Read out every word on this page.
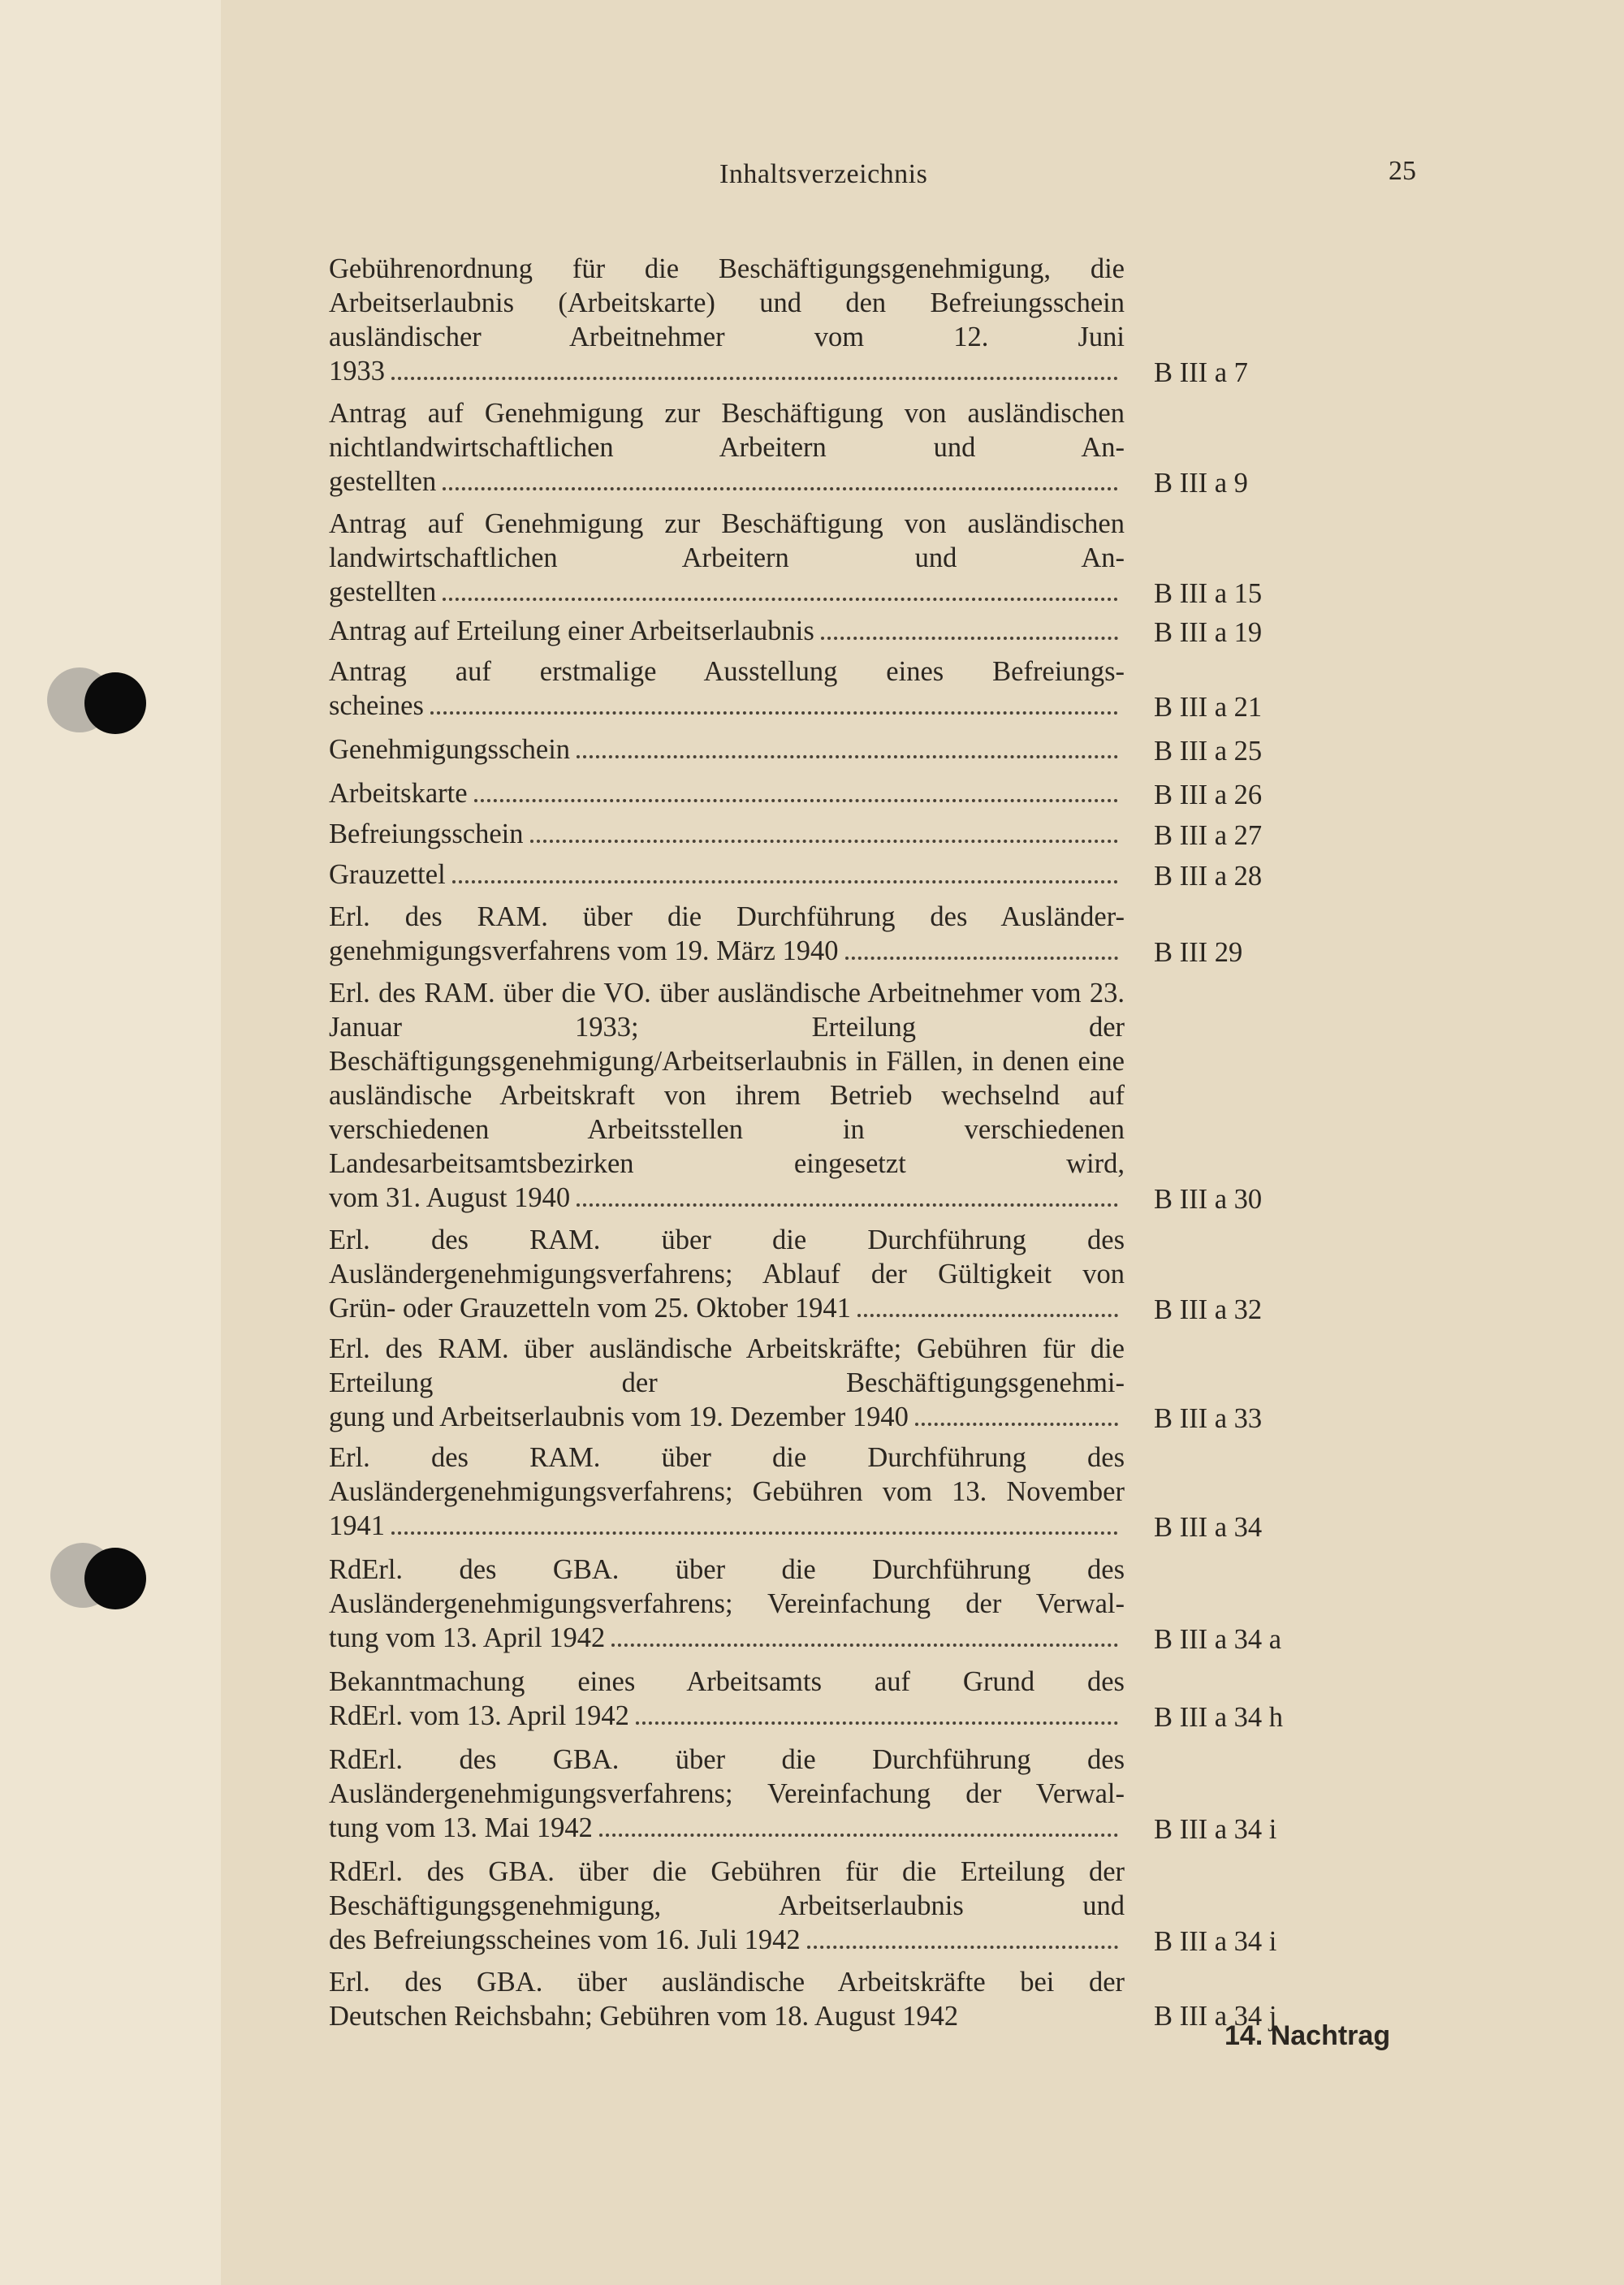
Inhaltsverzeichnis	25
Gebührenordnung für die Beschäftigungsgenehmigung, die Arbeitserlaubnis (Arbeitskarte) und den Befreiungsschein ausländischer Arbeitnehmer vom 12. Juni
1933	B III a 7
Antrag auf Genehmigung zur Beschäftigung von ausländischen nichtlandwirtschaftlichen Arbeitern und An-
gestellten	B III a 9
Antrag auf Genehmigung zur Beschäftigung von ausländischen landwirtschaftlichen Arbeitern und An-
gestellten	B III a 15
Antrag auf Erteilung einer Arbeitserlaubnis	B III a 19
Antrag auf erstmalige Ausstellung eines Befreiungs-
scheines	B III a 21
Genehmigungsschein	B III a 25
Arbeitskarte	B III a 26
Befreiungsschein	B III a 27
Grauzettel	B III a 28
Erl. des RAM. über die Durchführung des Ausländer-
genehmigungsverfahrens vom 19. März 1940	B III 29
Erl. des RAM. über die VO. über ausländische Arbeitnehmer vom 23. Januar 1933; Erteilung der Beschäftigungsgenehmigung/Arbeitserlaubnis in Fällen, in denen eine ausländische Arbeitskraft von ihrem Betrieb wechselnd auf verschiedenen Arbeitsstellen in verschiedenen Landesarbeitsamtsbezirken eingesetzt wird,
vom 31. August 1940	B III a 30
Erl. des RAM. über die Durchführung des Ausländergenehmigungsverfahrens; Ablauf der Gültigkeit von
Grün- oder Grauzetteln vom 25. Oktober 1941	B III a 32
Erl. des RAM. über ausländische Arbeitskräfte; Gebühren für die Erteilung der Beschäftigungsgenehmi-
gung und Arbeitserlaubnis vom 19. Dezember 1940	B III a 33
Erl. des RAM. über die Durchführung des Ausländergenehmigungsverfahrens; Gebühren vom 13. November
1941	B III a 34
RdErl. des GBA. über die Durchführung des Ausländergenehmigungsverfahrens; Vereinfachung der Verwal-
tung vom 13. April 1942	B III a 34 a
Bekanntmachung eines Arbeitsamts auf Grund des
RdErl. vom 13. April 1942	B III a 34 h
RdErl. des GBA. über die Durchführung des Ausländergenehmigungsverfahrens; Vereinfachung der Verwal-
tung vom 13. Mai 1942	B III a 34 i
RdErl. des GBA. über die Gebühren für die Erteilung der Beschäftigungsgenehmigung, Arbeitserlaubnis und
des Befreiungsscheines vom 16. Juli 1942	B III a 34 i
Erl. des GBA. über ausländische Arbeitskräfte bei der
Deutschen Reichsbahn; Gebühren vom 18. August 1942	B III a 34 j
14. Nachtrag
